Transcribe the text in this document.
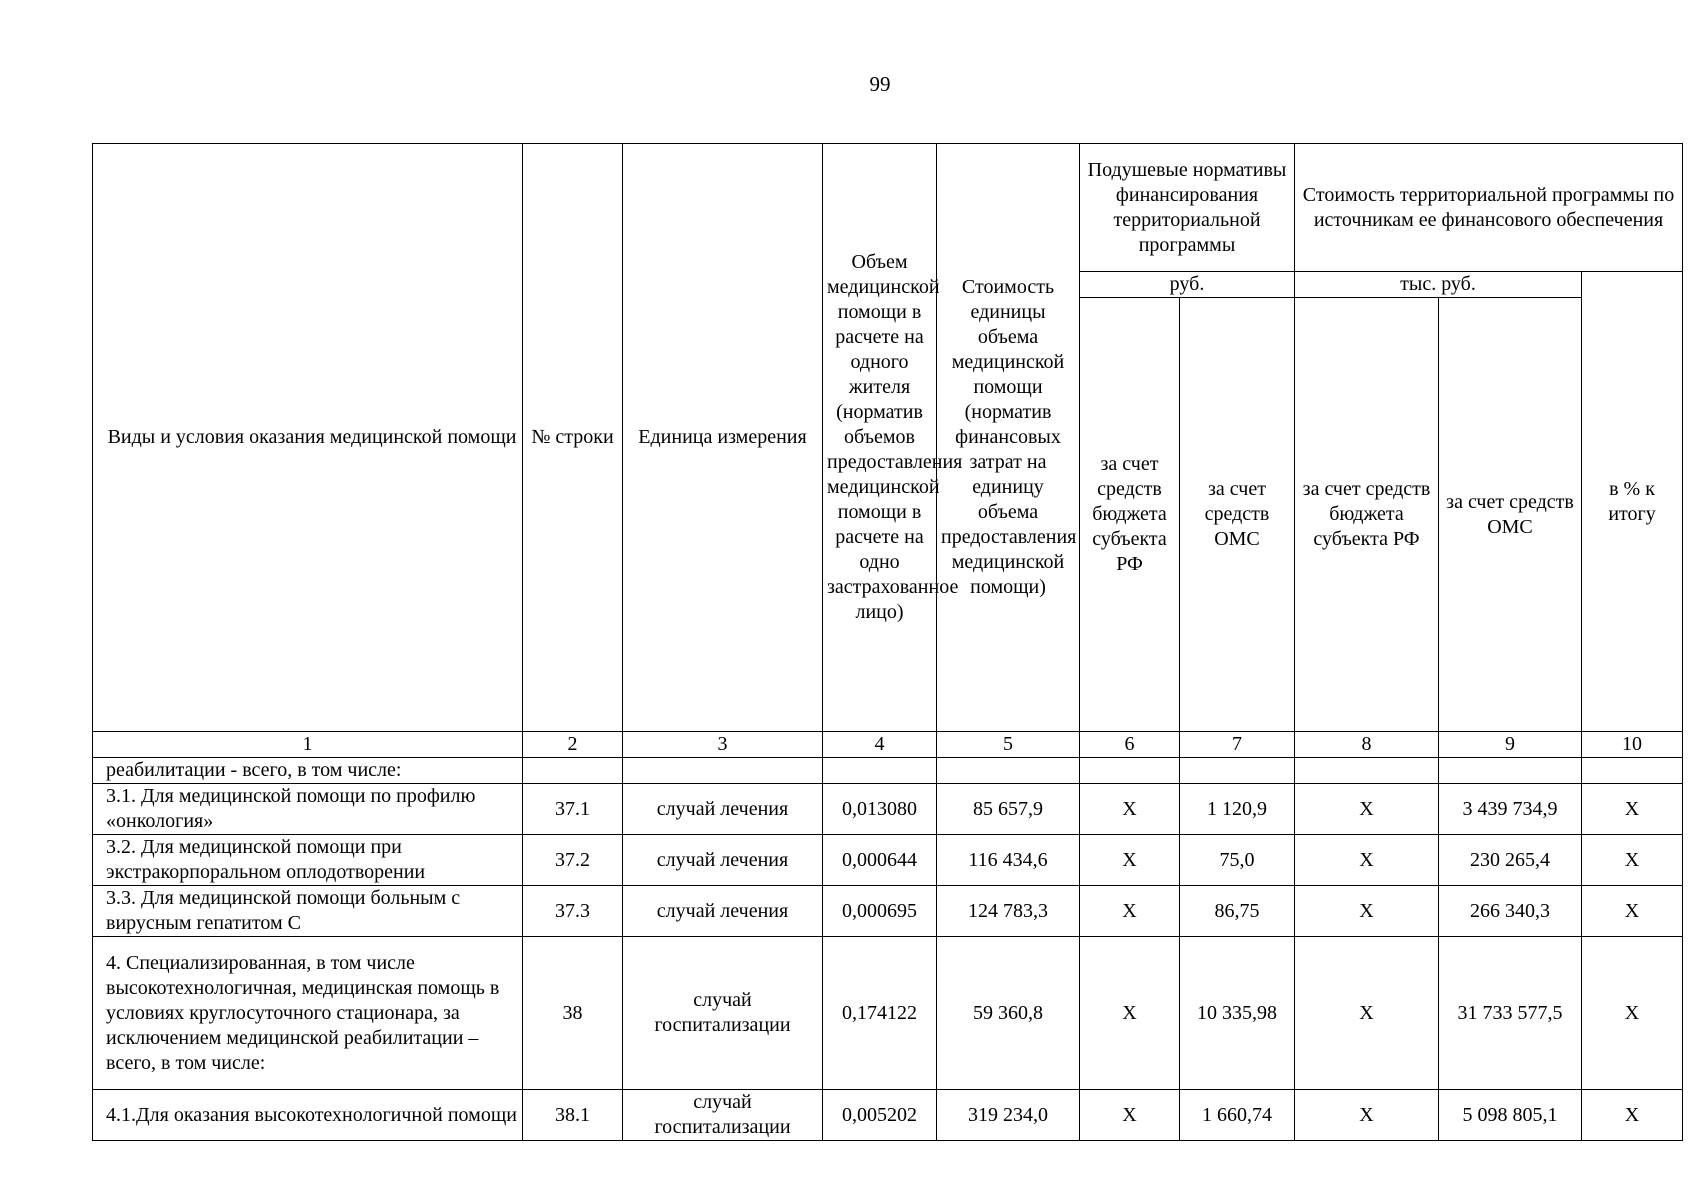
99
Виды и условия оказания медицинской помощи	№ строки	Единица измерения	Объем медицинской помощи в расчете на одного жителя (норматив объемов предоставления медицинской помощи в расчете на одно застрахованное лицо)	Стоимость единицы объема медицинской помощи (норматив финансовых затрат на единицу объема предоставления медицинской помощи)	Подушевые нормативы финансирования территориальной программы		Стоимость территориальной программы по источникам ее финансового обеспечения		
					руб.		тыс. руб.		в % к итогу
					за счет средств бюджета субъекта РФ	за счет средств ОМС	за счет средств бюджета субъекта РФ	за счет средств ОМС	
1	2	3	4	5	6	7	8	9	10
реабилитации - всего, в том числе:									
3.1. Для медицинской помощи по профилю «онкология»	37.1	случай лечения	0,013080	85 657,9	Х	1 120,9	Х	3 439 734,9	Х
3.2. Для медицинской помощи при экстракорпоральном оплодотворении	37.2	случай лечения	0,000644	116 434,6	Х	75,0	Х	230 265,4	Х
3.3. Для медицинской помощи больным с вирусным гепатитом С	37.3	случай лечения	0,000695	124 783,3	Х	86,75	Х	266 340,3	Х
4. Специализированная, в том числе высокотехнологичная, медицинская помощь в условиях круглосуточного стационара, за исключением медицинской реабилитации – всего, в том числе:	38	случай госпитализации	0,174122	59 360,8	Х	10 335,98	Х	31 733 577,5	Х
4.1.Для оказания высокотехнологичной помощи	38.1	случай госпитализации	0,005202	319 234,0	Х	1 660,74	Х	5 098 805,1	Х
